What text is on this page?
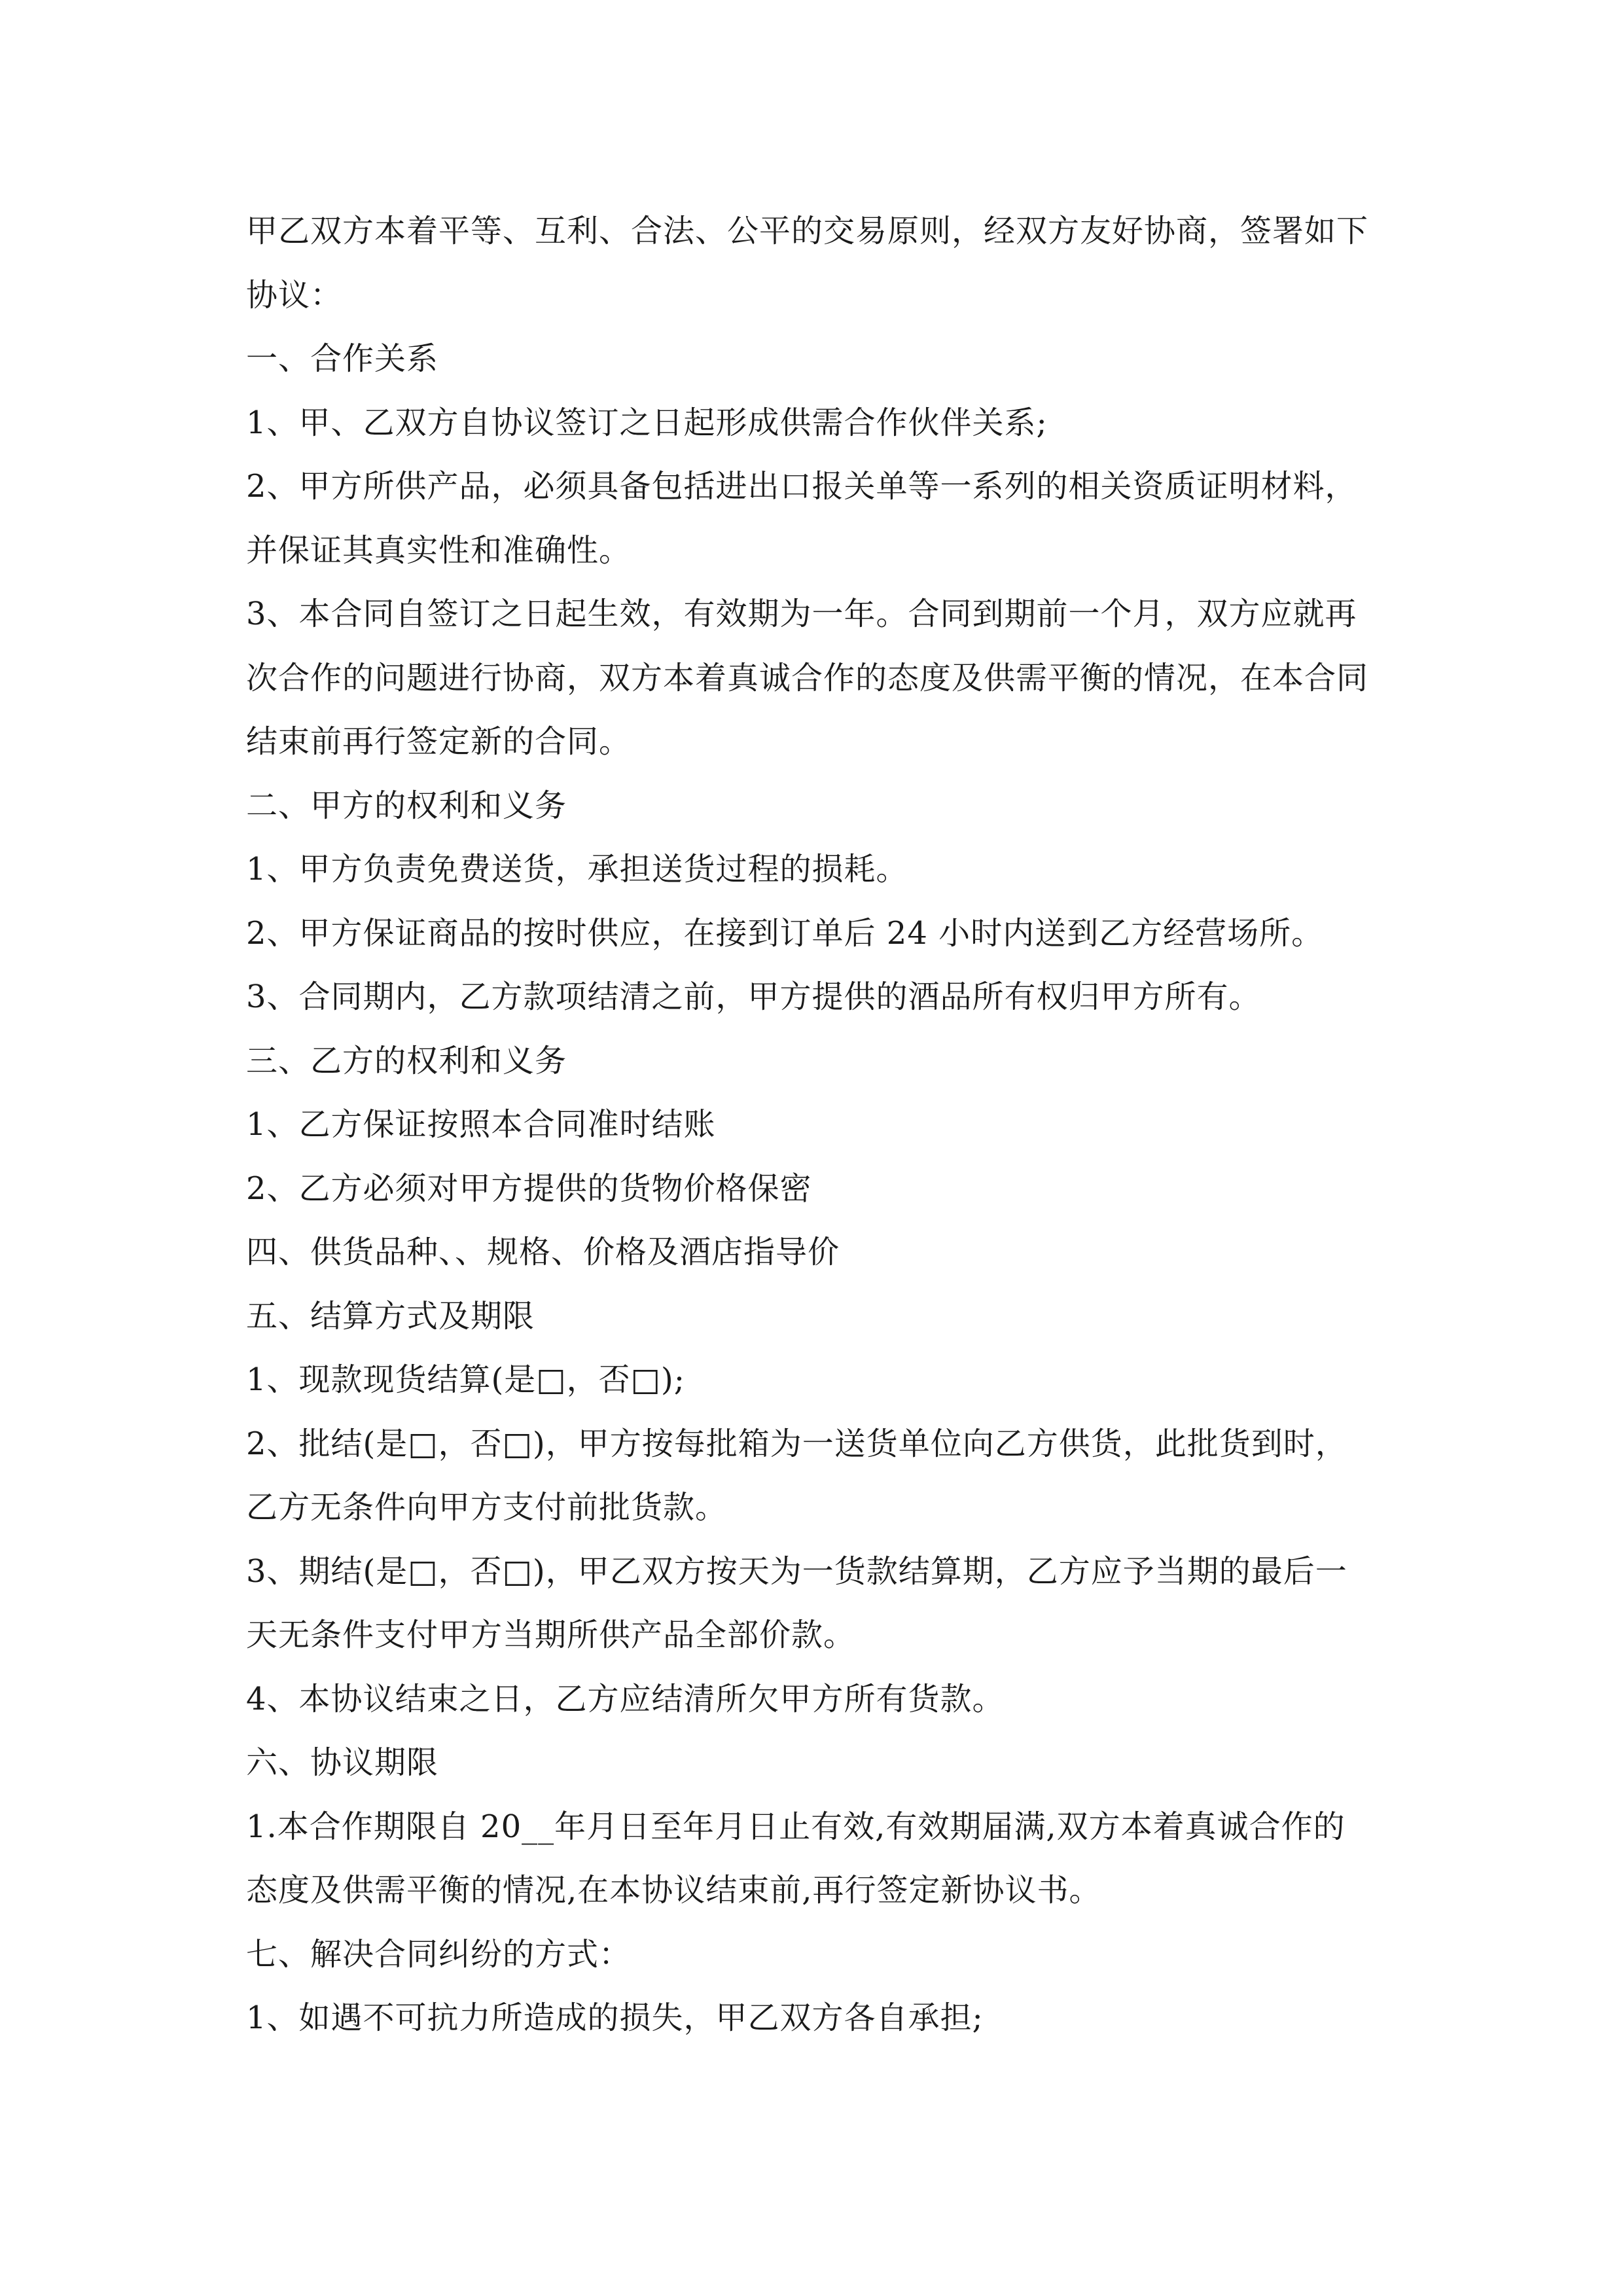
甲乙双方本着平等、互利、合法、公平的交易原则，经双方友好协商，签署如下
协议：
一、合作关系
1、甲、乙双方自协议签订之日起形成供需合作伙伴关系;
2、甲方所供产品，必须具备包括进出口报关单等一系列的相关资质证明材料，
并保证其真实性和准确性。
3、本合同自签订之日起生效，有效期为一年。合同到期前一个月，双方应就再
次合作的问题进行协商，双方本着真诚合作的态度及供需平衡的情况，在本合同
结束前再行签定新的合同。
二、甲方的权利和义务
1、甲方负责免费送货，承担送货过程的损耗。
2、甲方保证商品的按时供应，在接到订单后 24 小时内送到乙方经营场所。
3、合同期内，乙方款项结清之前，甲方提供的酒品所有权归甲方所有。
三、乙方的权利和义务
1、乙方保证按照本合同准时结账
2、乙方必须对甲方提供的货物价格保密
四、供货品种、、规格、价格及酒店指导价
五、结算方式及期限
1、现款现货结算(是□，否□);
2、批结(是□，否□)，甲方按每批箱为一送货单位向乙方供货，此批货到时，
乙方无条件向甲方支付前批货款。
3、期结(是□，否□)，甲乙双方按天为一货款结算期，乙方应予当期的最后一
天无条件支付甲方当期所供产品全部价款。
4、本协议结束之日，乙方应结清所欠甲方所有货款。
六、协议期限
1.本合作期限自 20__年月日至年月日止有效,有效期届满,双方本着真诚合作的
态度及供需平衡的情况,在本协议结束前,再行签定新协议书。
七、解决合同纠纷的方式：
1、如遇不可抗力所造成的损失，甲乙双方各自承担;
